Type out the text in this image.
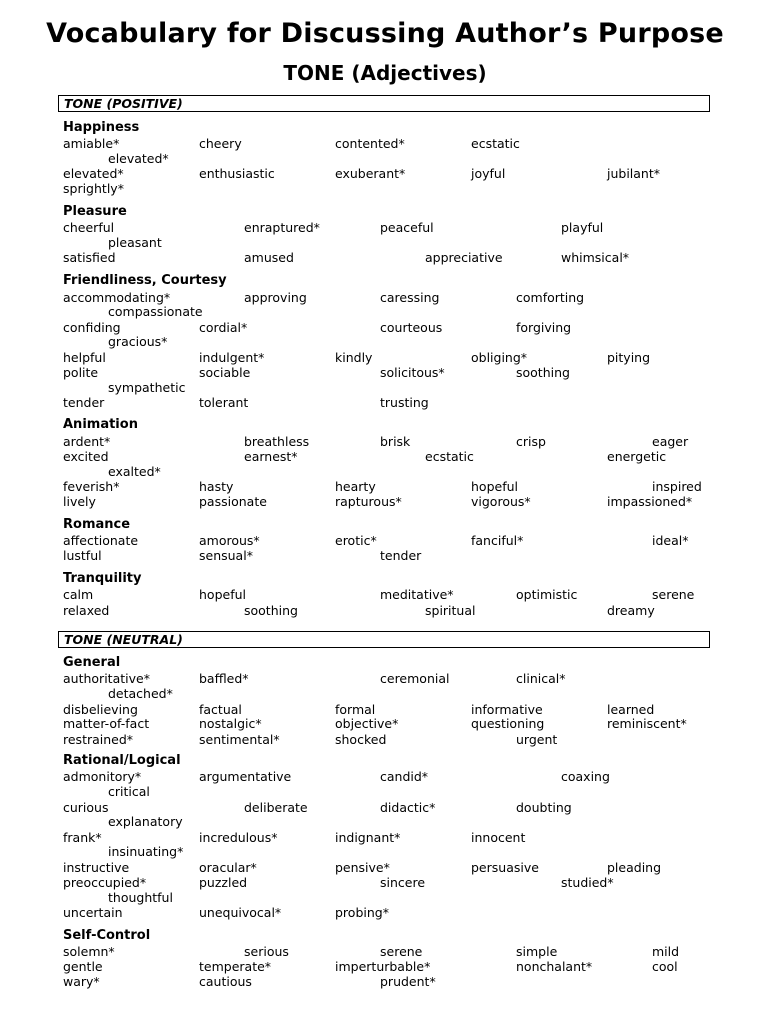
Vocabulary for Discussing Author’s Purpose
TONE (Adjectives)
TONE (POSITIVE)
Happiness
amiable*	cheery	contented*	ecstatic
elevated*
elevated*	enthusiastic	exuberant*	joyful	jubilant*
sprightly*
Pleasure
cheerful	enraptured*	peaceful	playful
pleasant
satisfied	amused	appreciative	whimsical*
Friendliness, Courtesy
accommodating*	approving	caressing	comforting
compassionate
confiding	cordial*	courteous	forgiving
gracious*
helpful	indulgent*	kindly	obliging*	pitying
polite	sociable	solicitous*	soothing
sympathetic
tender	tolerant	trusting
Animation
ardent*	breathless	brisk	crisp	eager
excited	earnest*	ecstatic	energetic
exalted*
feverish*	hasty	hearty	hopeful	inspired
lively	passionate	rapturous*	vigorous*	impassioned*
Romance
affectionate	amorous*	erotic*	fanciful*	ideal*
lustful	sensual*	tender
Tranquility
calm	hopeful	meditative*	optimistic	serene
relaxed	soothing	spiritual	dreamy
TONE (NEUTRAL)
General
authoritative*	baffled*	ceremonial	clinical*
detached*
disbelieving	factual	formal	informative	learned
matter-of-fact	nostalgic*	objective*	questioning	reminiscent*
restrained*	sentimental*	shocked	urgent
Rational/Logical
admonitory*	argumentative	candid*	coaxing
critical
curious	deliberate	didactic*	doubting
explanatory
frank*	incredulous*	indignant*	innocent
insinuating*
instructive	oracular*	pensive*	persuasive	pleading
preoccupied*	puzzled	sincere	studied*
thoughtful
uncertain	unequivocal*	probing*
Self-Control
solemn*	serious	serene	simple	mild
gentle	temperate*	imperturbable*	nonchalant*	cool
wary*	cautious	prudent*
